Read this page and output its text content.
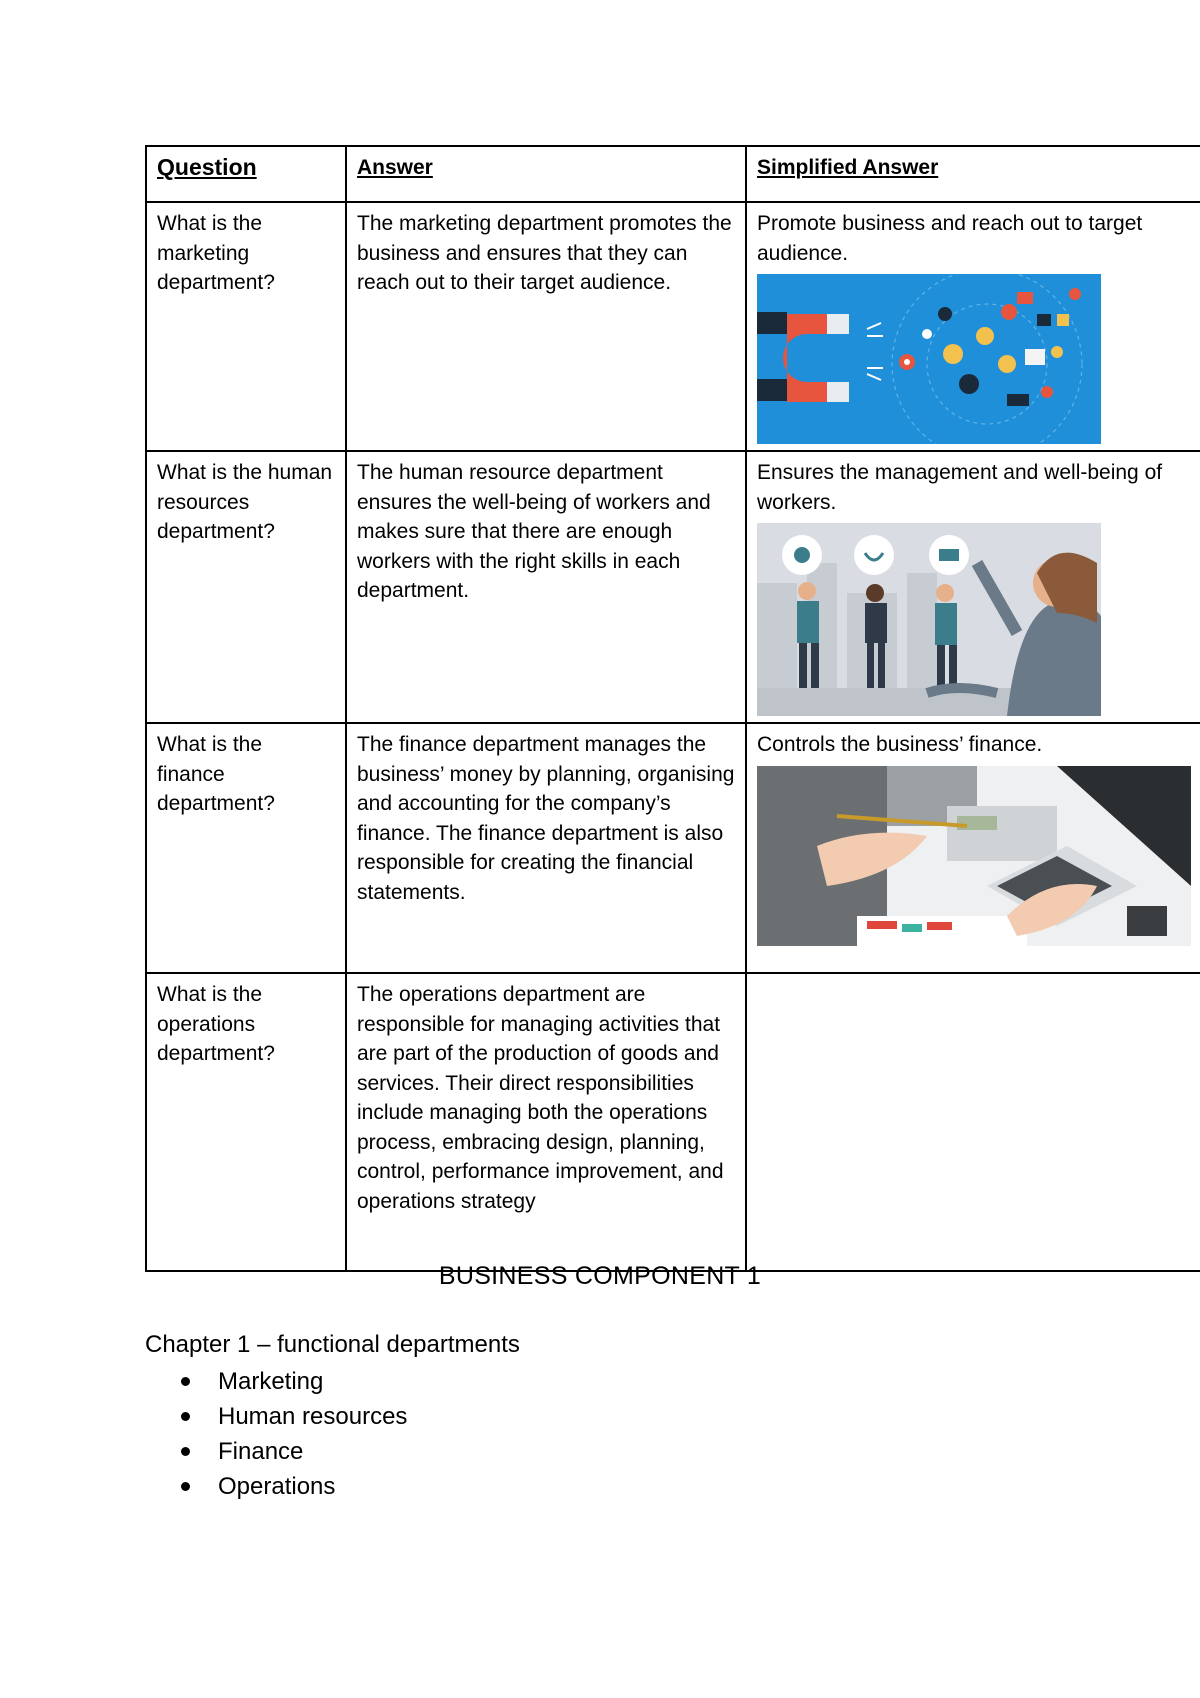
Question	Answer	Simplified Answer
What is the marketing department?	The marketing department promotes the business and ensures that they can reach out to their target audience.	Promote business and reach out to target audience.

What is the human resources department?	The human resource department ensures the well-being of workers and makes sure that there are enough workers with the right skills in each department.	Ensures the management and well-being of workers.

What is the finance department?	The finance department manages the business’ money by planning, organising and accounting for the company’s finance. The finance department is also responsible for creating the financial statements.	Controls the business’ finance.

What is the operations department?	The operations department are responsible for managing activities that are part of the production of goods and services. Their direct responsibilities include managing both the operations process, embracing design, planning, control, performance improvement, and operations strategy	
BUSINESS COMPONENT 1
Chapter 1 – functional departments
Marketing
Human resources
Finance
Operations
